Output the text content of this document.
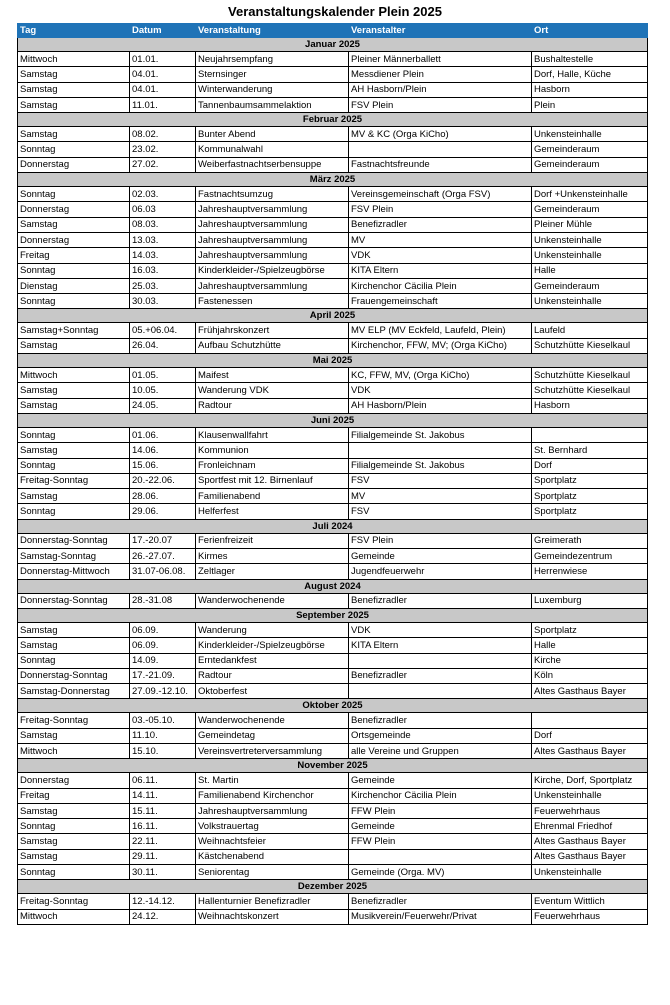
Veranstaltungskalender Plein 2025
Tag	Datum	Veranstaltung	Veranstalter	Ort
Januar 2025				
Mittwoch	01.01.	Neujahrsempfang	Pleiner Männerballett	Bushaltestelle
Samstag	04.01.	Sternsinger	Messdiener Plein	Dorf, Halle, Küche
Samstag	04.01.	Winterwanderung	AH Hasborn/Plein	Hasborn
Samstag	11.01.	Tannenbaumsammelaktion	FSV Plein	Plein
Februar 2025				
Samstag	08.02.	Bunter Abend	MV & KC (Orga KiCho)	Unkensteinhalle
Sonntag	23.02.	Kommunalwahl		Gemeinderaum
Donnerstag	27.02.	Weiberfastnachtserbensuppe	Fastnachtsfreunde	Gemeinderaum
März 2025				
Sonntag	02.03.	Fastnachtsumzug	Vereinsgemeinschaft (Orga FSV)	Dorf +Unkensteinhalle
Donnerstag	06.03	Jahreshauptversammlung	FSV Plein	Gemeinderaum
Samstag	08.03.	Jahreshauptversammlung	Benefizradler	Pleiner Mühle
Donnerstag	13.03.	Jahreshauptversammlung	MV	Unkensteinhalle
Freitag	14.03.	Jahreshauptversammlung	VDK	Unkensteinhalle
Sonntag	16.03.	Kinderkleider-/Spielzeugbörse	KITA Eltern	Halle
Dienstag	25.03.	Jahreshauptversammlung	Kirchenchor Cäcilia Plein	Gemeinderaum
Sonntag	30.03.	Fastenessen	Frauengemeinschaft	Unkensteinhalle
April 2025				
Samstag+Sonntag	05.+06.04.	Frühjahrskonzert	MV ELP (MV Eckfeld, Laufeld, Plein)	Laufeld
Samstag	26.04.	Aufbau Schutzhütte	Kirchenchor, FFW, MV; (Orga KiCho)	Schutzhütte Kieselkaul
Mai 2025				
Mittwoch	01.05.	Maifest	KC, FFW, MV, (Orga KiCho)	Schutzhütte Kieselkaul
Samstag	10.05.	Wanderung VDK	VDK	Schutzhütte Kieselkaul
Samstag	24.05.	Radtour	AH Hasborn/Plein	Hasborn
Juni 2025				
Sonntag	01.06.	Klausenwallfahrt	Filialgemeinde St. Jakobus	
Samstag	14.06.	Kommunion		St. Bernhard
Sonntag	15.06.	Fronleichnam	Filialgemeinde St. Jakobus	Dorf
Freitag-Sonntag	20.-22.06.	Sportfest mit 12. Birnenlauf	FSV	Sportplatz
Samstag	28.06.	Familienabend	MV	Sportplatz
Sonntag	29.06.	Helferfest	FSV	Sportplatz
Juli 2024				
Donnerstag-Sonntag	17.-20.07	Ferienfreizeit	FSV Plein	Greimerath
Samstag-Sonntag	26.-27.07.	Kirmes	Gemeinde	Gemeindezentrum
Donnerstag-Mittwoch	31.07-06.08.	Zeltlager	Jugendfeuerwehr	Herrenwiese
August 2024				
Donnerstag-Sonntag	28.-31.08	Wanderwochenende	Benefizradler	Luxemburg
September 2025				
Samstag	06.09.	Wanderung	VDK	Sportplatz
Samstag	06.09.	Kinderkleider-/Spielzeugbörse	KITA Eltern	Halle
Sonntag	14.09.	Erntedankfest		Kirche
Donnerstag-Sonntag	17.-21.09.	Radtour	Benefizradler	Köln
Samstag-Donnerstag	27.09.-12.10.	Oktoberfest		Altes Gasthaus Bayer
Oktober 2025				
Freitag-Sonntag	03.-05.10.	Wanderwochenende	Benefizradler	
Samstag	11.10.	Gemeindetag	Ortsgemeinde	Dorf
Mittwoch	15.10.	Vereinsvertreterversammlung	alle Vereine und Gruppen	Altes Gasthaus Bayer
November 2025				
Donnerstag	06.11.	St. Martin	Gemeinde	Kirche, Dorf, Sportplatz
Freitag	14.11.	Familienabend Kirchenchor	Kirchenchor Cäcilia Plein	Unkensteinhalle
Samstag	15.11.	Jahreshauptversammlung	FFW Plein	Feuerwehrhaus
Sonntag	16.11.	Volkstrauertag	Gemeinde	Ehrenmal Friedhof
Samstag	22.11.	Weihnachtsfeier	FFW Plein	Altes Gasthaus Bayer
Samstag	29.11.	Kästchenabend		Altes Gasthaus Bayer
Sonntag	30.11.	Seniorentag	Gemeinde (Orga. MV)	Unkensteinhalle
Dezember 2025				
Freitag-Sonntag	12.-14.12.	Hallenturnier Benefizradler	Benefizradler	Eventum Wittlich
Mittwoch	24.12.	Weihnachtskonzert	Musikverein/Feuerwehr/Privat	Feuerwehrhaus
